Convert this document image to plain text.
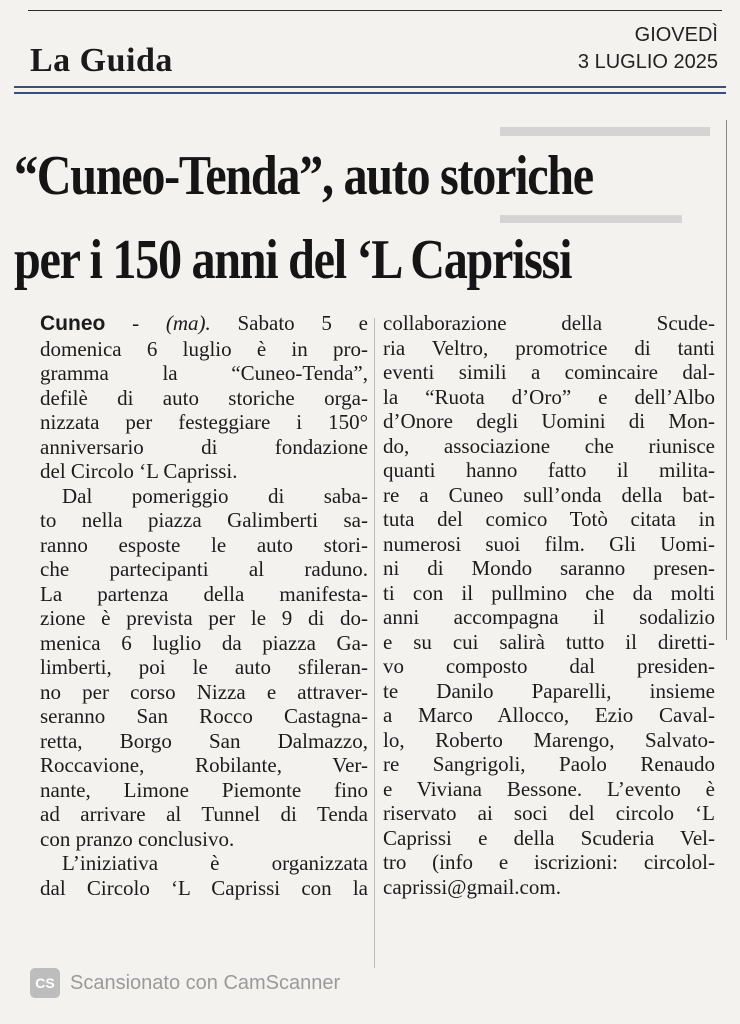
La Guida
GIOVEDÌ
3 LUGLIO 2025
▬▬▬▬▬▬▬
▬▬▬▬▬▬▬
“Cuneo-Tenda”, auto storiche
per i 150 anni del ‘L Caprissi
Cuneo - (ma). Sabato 5 e
domenica 6 luglio è in pro-
gramma la “Cuneo-Tenda”,
defilè di auto storiche orga-
nizzata per festeggiare i 150°
anniversario di fondazione
del Circolo ‘L Caprissi.
Dal pomeriggio di saba-
to nella piazza Galimberti sa-
ranno esposte le auto stori-
che partecipanti al raduno.
La partenza della manifesta-
zione è prevista per le 9 di do-
menica 6 luglio da piazza Ga-
limberti, poi le auto sfileran-
no per corso Nizza e attraver-
seranno San Rocco Castagna-
retta, Borgo San Dalmazzo,
Roccavione, Robilante, Ver-
nante, Limone Piemonte fino
ad arrivare al Tunnel di Tenda
con pranzo conclusivo.
L’iniziativa è organizzata
dal Circolo ‘L Caprissi con la
collaborazione della Scude-
ria Veltro, promotrice di tanti
eventi simili a comincaire dal-
la “Ruota d’Oro” e dell’Albo
d’Onore degli Uomini di Mon-
do, associazione che riunisce
quanti hanno fatto il milita-
re a Cuneo sull’onda della bat-
tuta del comico Totò citata in
numerosi suoi film. Gli Uomi-
ni di Mondo saranno presen-
ti con il pullmino che da molti
anni accompagna il sodalizio
e su cui salirà tutto il diretti-
vo composto dal presiden-
te Danilo Paparelli, insieme
a Marco Allocco, Ezio Caval-
lo, Roberto Marengo, Salvato-
re Sangrigoli, Paolo Renaudo
e Viviana Bessone. L’evento è
riservato ai soci del circolo ‘L
Caprissi e della Scuderia Vel-
tro (info e iscrizioni: circolol-
caprissi@gmail.com.
CS Scansionato con CamScanner
